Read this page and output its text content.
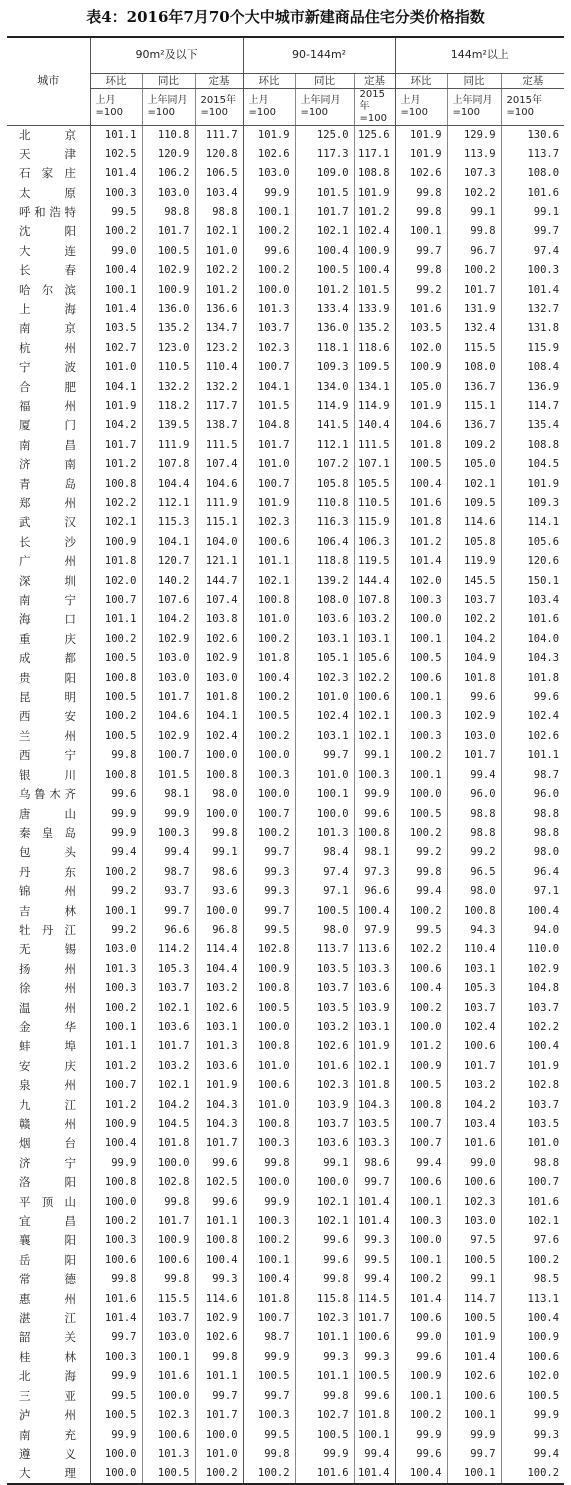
表4：2016年7月70个大中城市新建商品住宅分类价格指数
城市	90m²及以下			90-144m²			144m²以上		
	环比	同比	定基	环比	同比	定基	环比	同比	定基
	上月 =100	上年同月 =100	2015年 =100	上月 =100	上年同月 =100	2015年 =100	上月 =100	上年同月 =100	2015年 =100

北 京	101.1	110.8	111.7	101.9	125.0	125.6	101.9	129.9	130.6

天 津	102.5	120.9	120.8	102.6	117.3	117.1	101.9	113.9	113.7

石 家 庄	101.4	106.2	106.5	103.0	109.0	108.8	102.6	107.3	108.0

太 原	100.3	103.0	103.4	99.9	101.5	101.9	99.8	102.2	101.6

呼 和 浩 特	99.5	98.8	98.8	100.1	101.7	101.2	99.8	99.1	99.1

沈 阳	100.2	101.7	102.1	100.2	102.1	102.4	100.1	99.8	99.7

大 连	99.0	100.5	101.0	99.6	100.4	100.9	99.7	96.7	97.4

长 春	100.4	102.9	102.2	100.2	100.5	100.4	99.8	100.2	100.3

哈 尔 滨	100.1	100.9	101.2	100.0	101.2	101.5	99.2	101.7	101.4

上 海	101.4	136.0	136.6	101.3	133.4	133.9	101.6	131.9	132.7

南 京	103.5	135.2	134.7	103.7	136.0	135.2	103.5	132.4	131.8

杭 州	102.7	123.0	123.2	102.3	118.1	118.6	102.0	115.5	115.9

宁 波	101.0	110.5	110.4	100.7	109.3	109.5	100.9	108.0	108.4

合 肥	104.1	132.2	132.2	104.1	134.0	134.1	105.0	136.7	136.9

福 州	101.9	118.2	117.7	101.5	114.9	114.9	101.9	115.1	114.7

厦 门	104.2	139.5	138.7	104.8	141.5	140.4	104.6	136.7	135.4

南 昌	101.7	111.9	111.5	101.7	112.1	111.5	101.8	109.2	108.8

济 南	101.2	107.8	107.4	101.0	107.2	107.1	100.5	105.0	104.5

青 岛	100.8	104.4	104.6	100.7	105.8	105.5	100.4	102.1	101.9

郑 州	102.2	112.1	111.9	101.9	110.8	110.5	101.6	109.5	109.3

武 汉	102.1	115.3	115.1	102.3	116.3	115.9	101.8	114.6	114.1

长 沙	100.9	104.1	104.0	100.6	106.4	106.3	101.2	105.8	105.6

广 州	101.8	120.7	121.1	101.1	118.8	119.5	101.4	119.9	120.6

深 圳	102.0	140.2	144.7	102.1	139.2	144.4	102.0	145.5	150.1

南 宁	100.7	107.6	107.4	100.8	108.0	107.8	100.3	103.7	103.4

海 口	101.1	104.2	103.8	101.0	103.6	103.2	100.0	102.2	101.6

重 庆	100.2	102.9	102.6	100.2	103.1	103.1	100.1	104.2	104.0

成 都	100.5	103.0	102.9	101.8	105.1	105.6	100.5	104.9	104.3

贵 阳	100.8	103.0	103.0	100.4	102.3	102.2	100.6	101.8	101.8

昆 明	100.5	101.7	101.8	100.2	101.0	100.6	100.1	99.6	99.6

西 安	100.2	104.6	104.1	100.5	102.4	102.1	100.3	102.9	102.4

兰 州	100.5	102.9	102.4	100.2	103.1	102.1	100.3	103.0	102.6

西 宁	99.8	100.7	100.0	100.0	99.7	99.1	100.2	101.7	101.1

银 川	100.8	101.5	100.8	100.3	101.0	100.3	100.1	99.4	98.7

乌 鲁 木 齐	99.6	98.1	98.0	100.0	100.1	99.9	100.0	96.0	96.0

唐 山	99.9	99.9	100.0	100.7	100.0	99.6	100.5	98.8	98.8

秦 皇 岛	99.9	100.3	99.8	100.2	101.3	100.8	100.2	98.8	98.8

包 头	99.4	99.4	99.1	99.7	98.4	98.1	99.2	99.2	98.0

丹 东	100.2	98.7	98.6	99.3	97.4	97.3	99.8	96.5	96.4

锦 州	99.2	93.7	93.6	99.3	97.1	96.6	99.4	98.0	97.1

吉 林	100.1	99.7	100.0	99.7	100.5	100.4	100.2	100.8	100.4

牡 丹 江	99.2	96.6	96.8	99.5	98.0	97.9	99.5	94.3	94.0

无 锡	103.0	114.2	114.4	102.8	113.7	113.6	102.2	110.4	110.0

扬 州	101.3	105.3	104.4	100.9	103.5	103.3	100.6	103.1	102.9

徐 州	100.3	103.7	103.2	100.8	103.7	103.6	100.4	105.3	104.8

温 州	100.2	102.1	102.6	100.5	103.5	103.9	100.2	103.7	103.7

金 华	100.1	103.6	103.1	100.0	103.2	103.1	100.0	102.4	102.2

蚌 埠	101.1	101.7	101.3	100.8	102.6	101.9	101.2	100.6	100.4

安 庆	101.2	103.2	103.6	101.0	101.6	102.1	100.9	101.7	101.9

泉 州	100.7	102.1	101.9	100.6	102.3	101.8	100.5	103.2	102.8

九 江	101.2	104.2	104.3	101.0	103.9	104.3	100.8	104.2	103.7

赣 州	100.9	104.5	104.3	100.8	103.7	103.5	100.7	103.4	103.5

烟 台	100.4	101.8	101.7	100.3	103.6	103.3	100.7	101.6	101.0

济 宁	99.9	100.0	99.6	99.8	99.1	98.6	99.4	99.0	98.8

洛 阳	100.8	102.8	102.5	100.0	100.0	99.7	100.6	100.6	100.7

平 顶 山	100.0	99.8	99.6	99.9	102.1	101.4	100.1	102.3	101.6

宜 昌	100.2	101.7	101.1	100.3	102.1	101.4	100.3	103.0	102.1

襄 阳	100.3	100.9	100.8	100.2	99.6	99.3	100.0	97.5	97.6

岳 阳	100.6	100.6	100.4	100.1	99.6	99.5	100.1	100.5	100.2

常 德	99.8	99.8	99.3	100.4	99.8	99.4	100.2	99.1	98.5

惠 州	101.6	115.5	114.6	101.8	115.8	114.5	101.4	114.7	113.1

湛 江	101.4	103.7	102.9	100.7	102.3	101.7	100.6	100.5	100.4

韶 关	99.7	103.0	102.6	98.7	101.1	100.6	99.0	101.9	100.9

桂 林	100.3	100.1	99.8	99.9	99.3	99.3	99.6	101.4	100.6

北 海	99.9	101.6	101.1	100.5	101.1	100.5	100.9	102.6	102.0

三 亚	99.5	100.0	99.7	99.7	99.8	99.6	100.1	100.6	100.5

泸 州	100.5	102.3	101.7	100.3	102.7	101.8	100.2	100.1	99.9

南 充	99.9	100.6	100.0	99.5	100.5	100.1	99.9	99.9	99.3

遵 义	100.0	101.3	101.0	99.8	99.9	99.4	99.6	99.7	99.4

大 理	100.0	100.5	100.2	100.2	101.6	101.4	100.4	100.1	100.2
